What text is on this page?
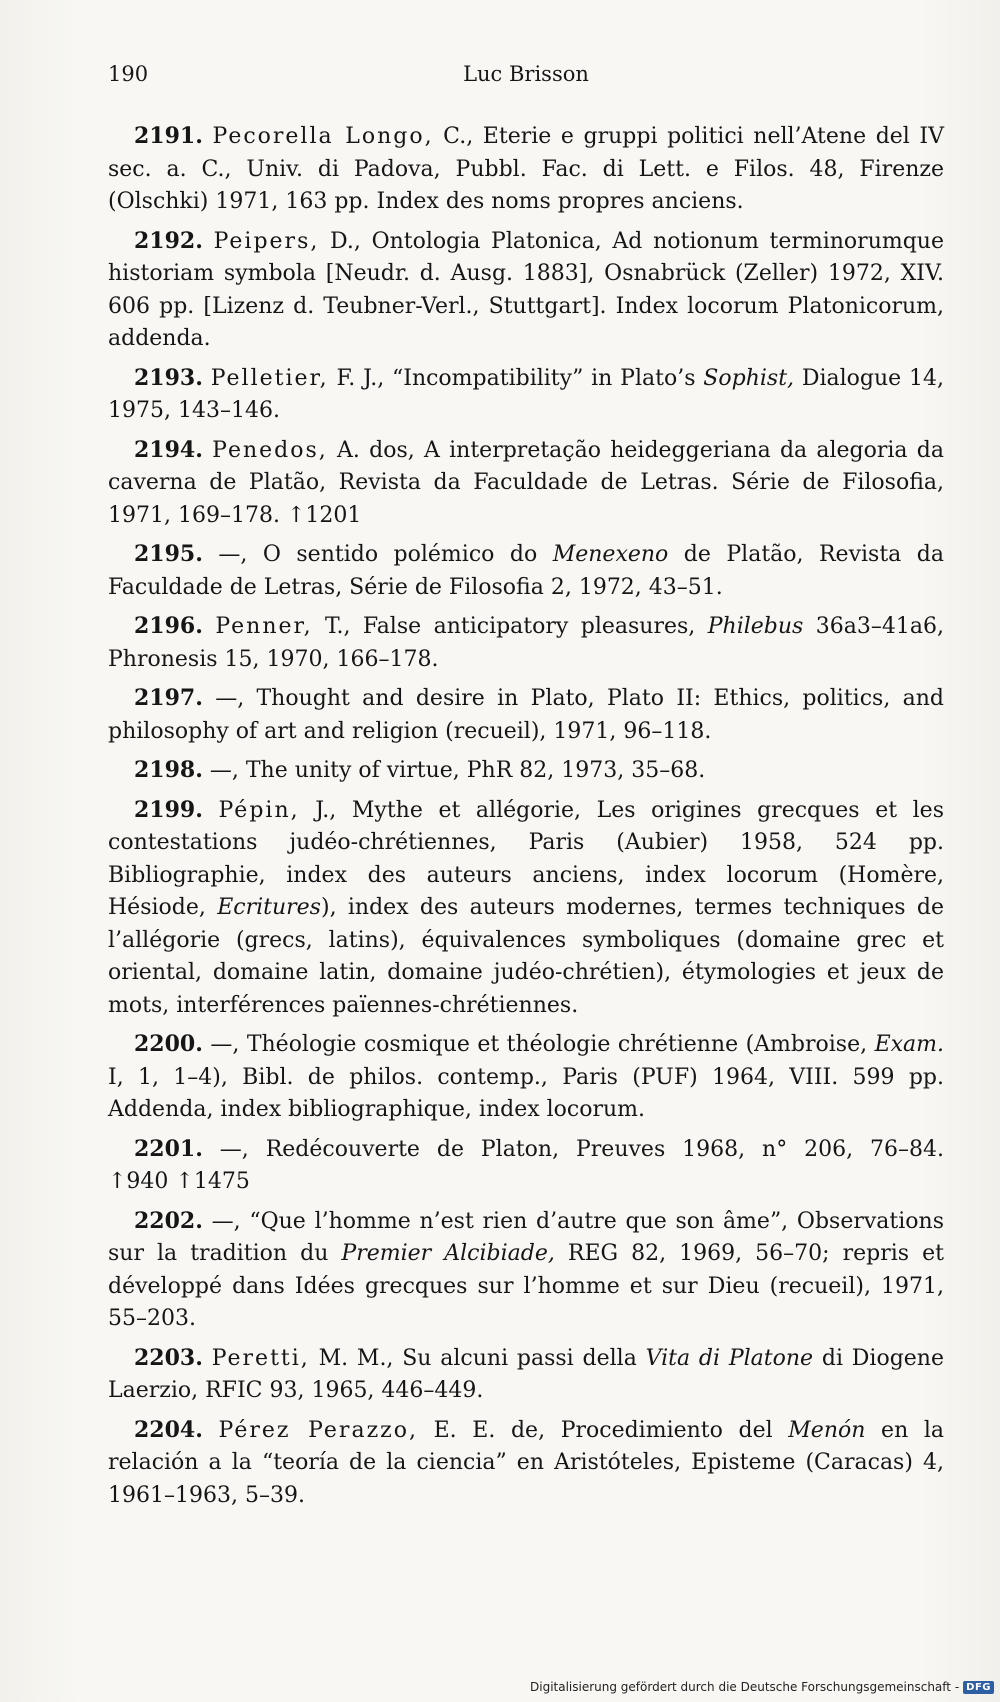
190	Luc Brisson

2191. Pecorella Longo, C., Eterie e gruppi politici nell’Atene del IV sec. a. C., Univ. di Padova, Pubbl. Fac. di Lett. e Filos. 48, Firenze (Olschki) 1971, 163 pp. Index des noms propres anciens.

2192. Peipers, D., Ontologia Platonica, Ad notionum terminorumque historiam symbola [Neudr. d. Ausg. 1883], Osnabrück (Zeller) 1972, XIV. 606 pp. [Lizenz d. Teubner-Verl., Stuttgart]. Index locorum Platonicorum, addenda.

2193. Pelletier, F. J., “Incompatibility” in Plato’s Sophist, Dialogue 14, 1975, 143–146.

2194. Penedos, A. dos, A interpretação heideggeriana da alegoria da caverna de Platão, Revista da Faculdade de Letras. Série de Filosofia, 1971, 169–178. ↑1201

2195. —, O sentido polémico do Menexeno de Platão, Revista da Faculdade de Letras, Série de Filosofia 2, 1972, 43–51.

2196. Penner, T., False anticipatory pleasures, Philebus 36a3–41a6, Phronesis 15, 1970, 166–178.

2197. —, Thought and desire in Plato, Plato II: Ethics, politics, and philosophy of art and religion (recueil), 1971, 96–118.

2198. —, The unity of virtue, PhR 82, 1973, 35–68.

2199. Pépin, J., Mythe et allégorie, Les origines grecques et les contestations judéo-chrétiennes, Paris (Aubier) 1958, 524 pp. Bibliographie, index des auteurs anciens, index locorum (Homère, Hésiode, Ecritures), index des auteurs modernes, termes techniques de l’allégorie (grecs, latins), équivalences symboliques (domaine grec et oriental, domaine latin, domaine judéo-chrétien), étymologies et jeux de mots, interférences païennes-chrétiennes.

2200. —, Théologie cosmique et théologie chrétienne (Ambroise, Exam. I, 1, 1–4), Bibl. de philos. contemp., Paris (PUF) 1964, VIII. 599 pp. Addenda, index bibliographique, index locorum.

2201. —, Redécouverte de Platon, Preuves 1968, n° 206, 76–84. ↑940 ↑1475

2202. —, “Que l’homme n’est rien d’autre que son âme”, Observations sur la tradition du Premier Alcibiade, REG 82, 1969, 56–70; repris et développé dans Idées grecques sur l’homme et sur Dieu (recueil), 1971, 55–203.

2203. Peretti, M. M., Su alcuni passi della Vita di Platone di Diogene Laerzio, RFIC 93, 1965, 446–449.

2204. Pérez Perazzo, E. E. de, Procedimiento del Menón en la relación a la “teoría de la ciencia” en Aristóteles, Episteme (Caracas) 4, 1961–1963, 5–39.

Digitalisierung gefördert durch die Deutsche Forschungsgemeinschaft - DFG
